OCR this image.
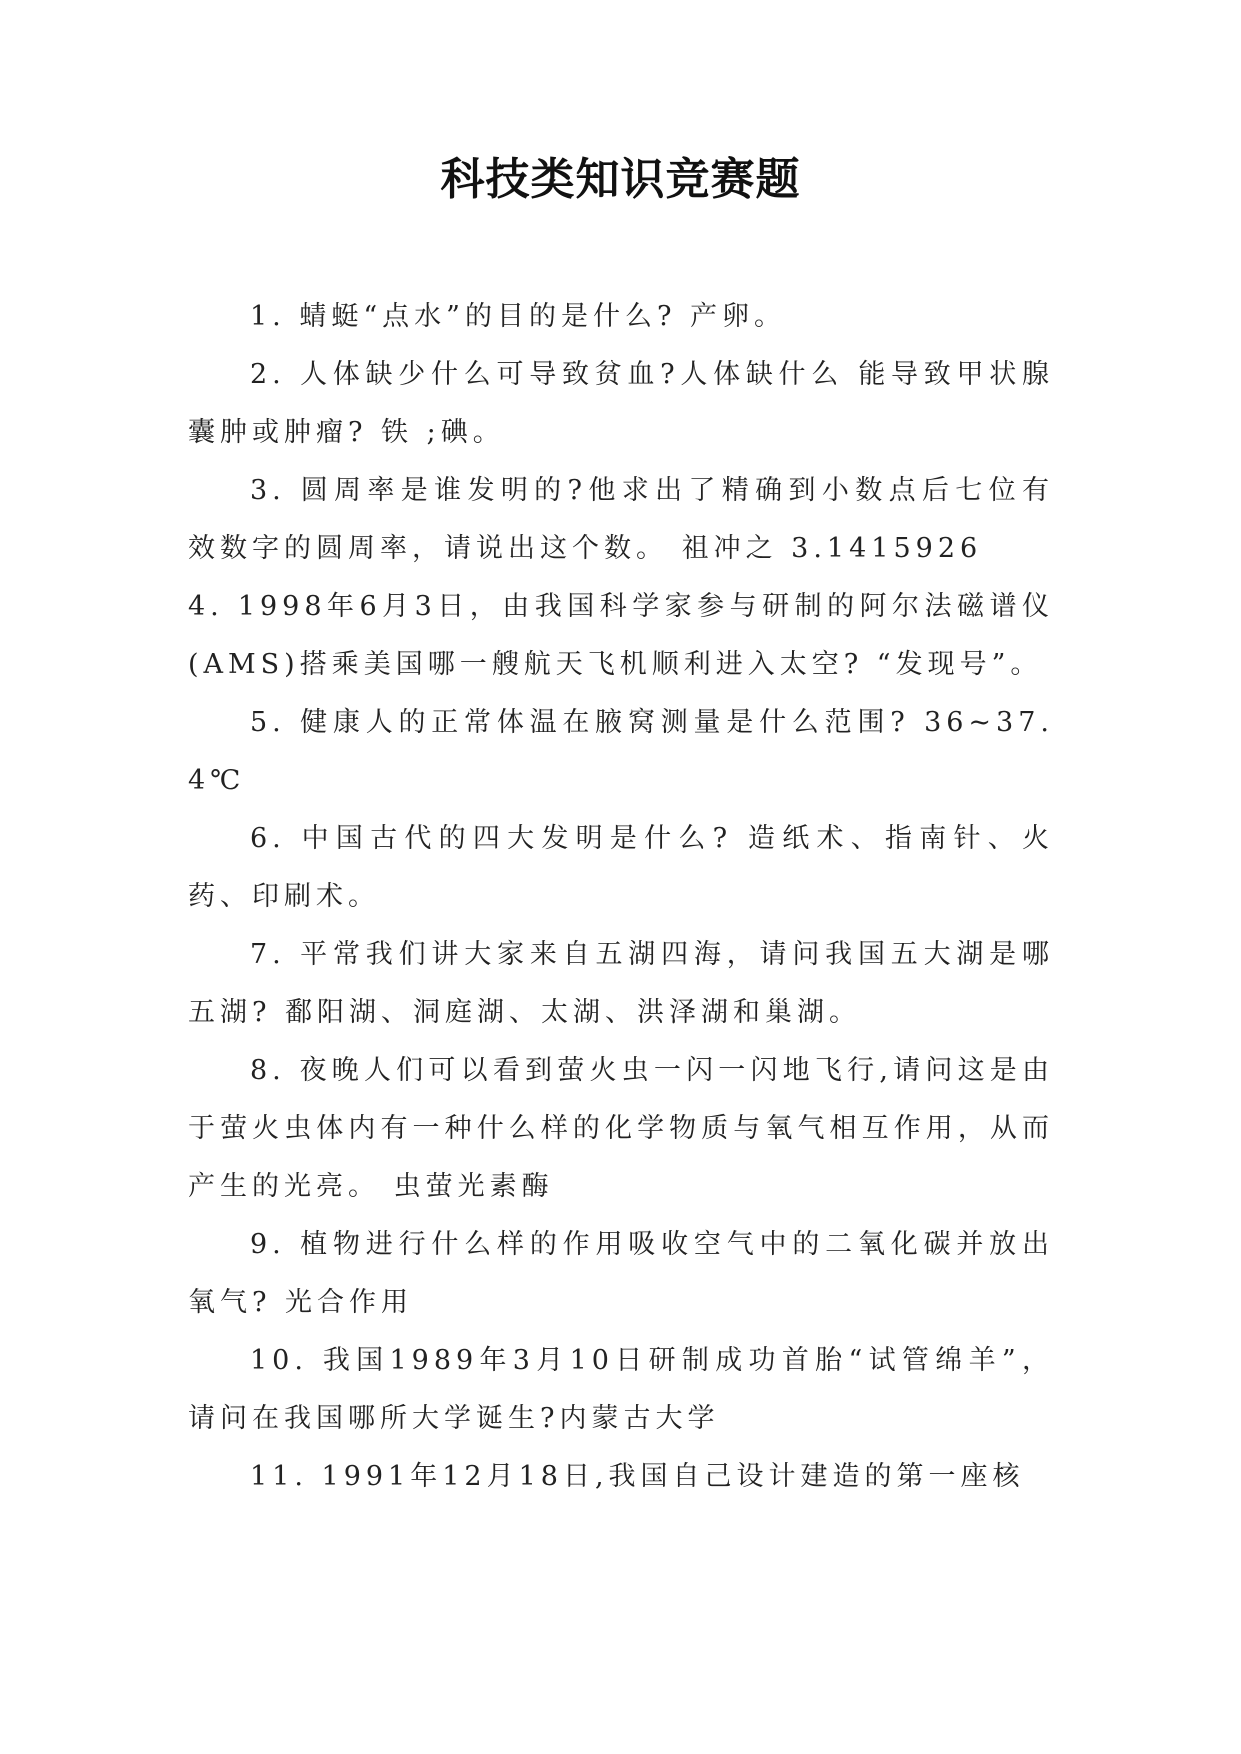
科技类知识竞赛题

1. 蜻蜓“点水”的目的是什么? 产卵。

2. 人体缺少什么可导致贫血?人体缺什么 能导致甲状腺囊肿或肿瘤? 铁 ;碘。

3. 圆周率是谁发明的?他求出了精确到小数点后七位有效数字的圆周率，请说出这个数。 祖冲之 3.1415926

4. 1998年6月3日，由我国科学家参与研制的阿尔法磁谱仪(AMS)搭乘美国哪一艘航天飞机顺利进入太空? “发现号”。

5. 健康人的正常体温在腋窝测量是什么范围? 36~37.4℃

6. 中国古代的四大发明是什么? 造纸术、指南针、火药、印刷术。

7. 平常我们讲大家来自五湖四海，请问我国五大湖是哪五湖? 鄱阳湖、洞庭湖、太湖、洪泽湖和巢湖。

8. 夜晚人们可以看到萤火虫一闪一闪地飞行,请问这是由于萤火虫体内有一种什么样的化学物质与氧气相互作用，从而产生的光亮。 虫萤光素酶

9. 植物进行什么样的作用吸收空气中的二氧化碳并放出氧气? 光合作用

10. 我国1989年3月10日研制成功首胎“试管绵羊”，请问在我国哪所大学诞生?内蒙古大学

11. 1991年12月18日,我国自己设计建造的第一座核
